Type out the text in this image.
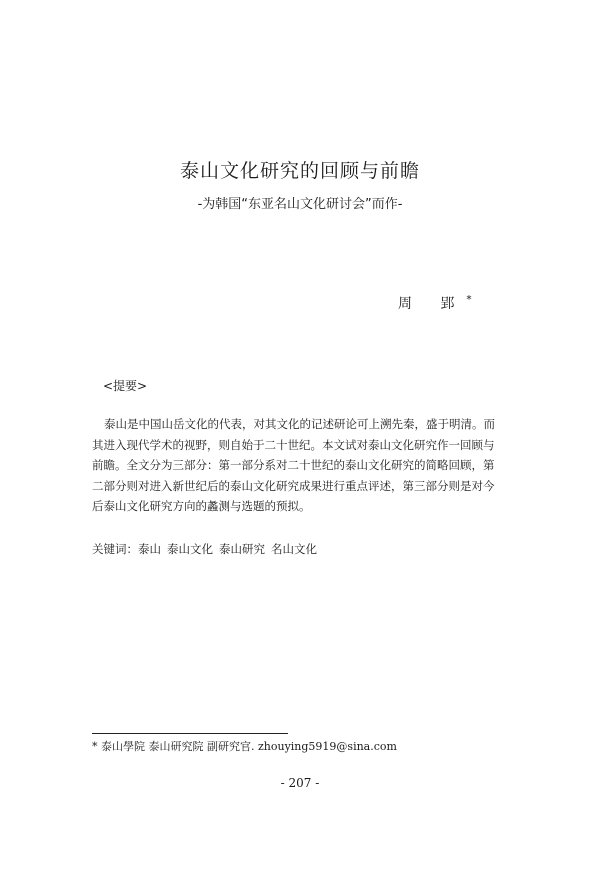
泰山文化研究的回顾与前瞻
-为韩国“东亚名山文化研讨会”而作-
周 郢*
<提要>
泰山是中国山岳文化的代表，对其文化的记述研论可上溯先秦，盛于明清。而
其进入现代学术的视野，则自始于二十世纪。本文试对泰山文化研究作一回顾与
前瞻。全文分为三部分：第一部分系对二十世纪的泰山文化研究的简略回顾，第
二部分则对进入新世纪后的泰山文化研究成果进行重点评述，第三部分则是对今
后泰山文化研究方向的蠡测与选题的预拟。
关键词：泰山 泰山文化 泰山研究 名山文化
* 泰山學院 泰山研究院 副研究官. zhouying5919@sina.com
- 207 -
